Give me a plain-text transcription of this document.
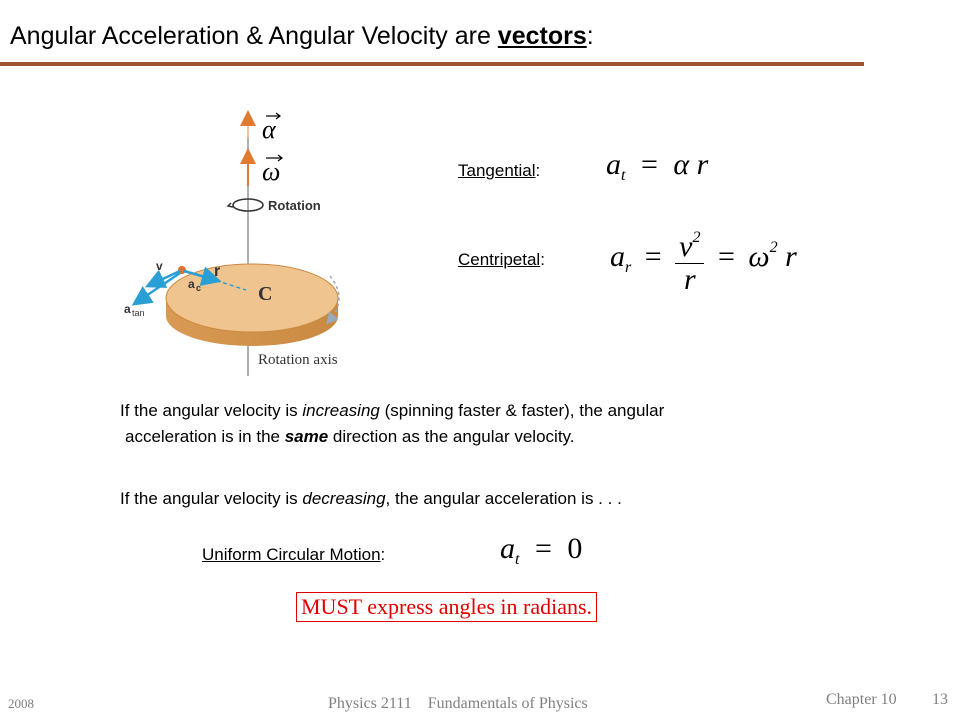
Angular Acceleration & Angular Velocity are vectors:
α
ω
Rotation
v	r
a c
a tan
C
Rotation axis
Tangential: $a_t = \alpha$ r
Centripetal: $a_r = \frac{v^2}{r} = \omega^2$ r
If the angular velocity is increasing (spinning faster & faster), the angular
acceleration is in the same direction as the angular velocity.
If the angular velocity is decreasing, the angular acceleration is . . .
Uniform Circular Motion:	$a_t = 0$
MUST express angles in radians.
2008	Physics 2111 Fundamentals of Physics	Chapter 10 13
